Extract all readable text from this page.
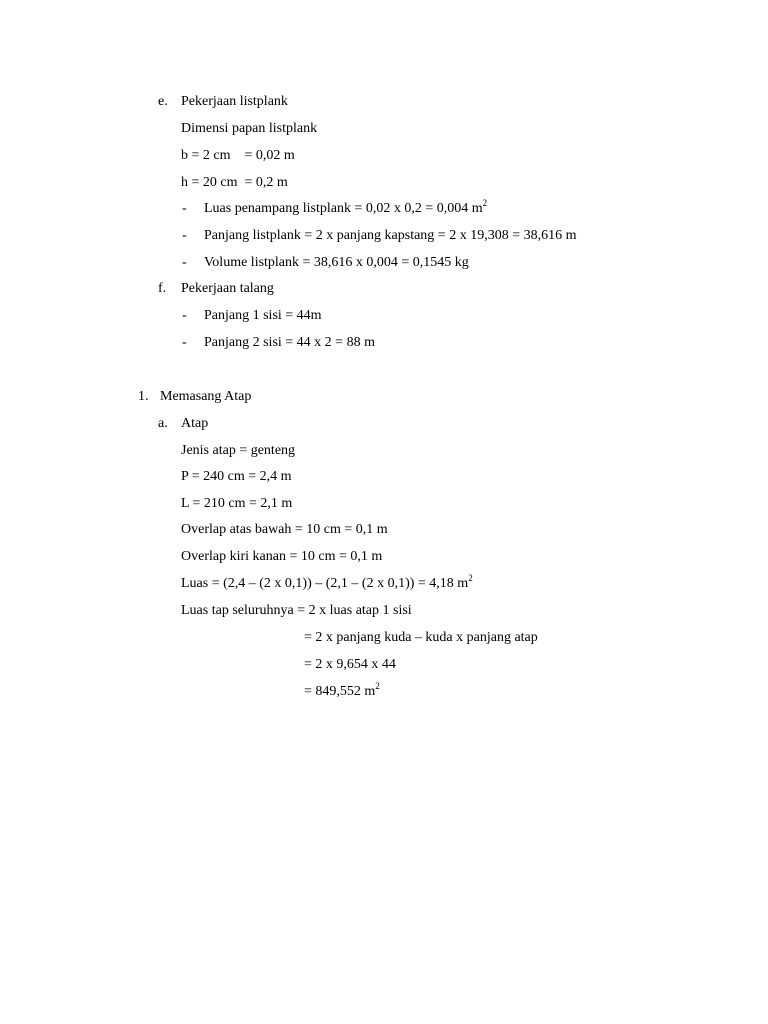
e. Pekerjaan listplank
Dimensi papan listplank
b = 2 cm    = 0,02 m
h = 20 cm  = 0,2 m
- Luas penampang listplank = 0,02 x 0,2 = 0,004 $m^2$
- Panjang listplank = 2 x panjang kapstang = 2 x 19,308 = 38,616 m
- Volume listplank = 38,616 x 0,004 = 0,1545 kg
f. Pekerjaan talang
- Panjang 1 sisi = 44m
- Panjang 2 sisi = 44 x 2 = 88 m
1. Memasang Atap
a. Atap
Jenis atap = genteng
P = 240 cm = 2,4 m
L = 210 cm = 2,1 m
Overlap atas bawah = 10 cm = 0,1 m
Overlap kiri kanan = 10 cm = 0,1 m
Luas = (2,4 – (2 x 0,1)) – (2,1 – (2 x 0,1)) = 4,18 $m^2$
Luas tap seluruhnya = 2 x luas atap 1 sisi
= 2 x panjang kuda – kuda x panjang atap
= 2 x 9,654 x 44
= 849,552 $m^2$
